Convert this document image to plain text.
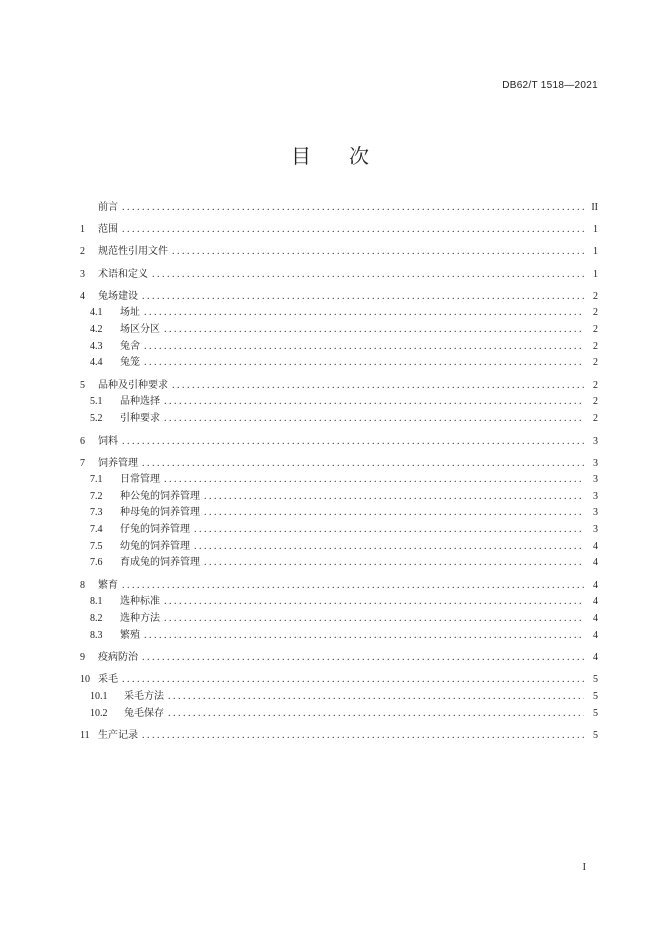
DB62/T 1518—2021
目 次
前言 .....	II
1	范围 .....	1
2	规范性引用文件 .....	1
3	术语和定义 .....	1
4	兔场建设 .....	2
4.1	场址 .....	2
4.2	场区分区 .....	2
4.3	兔舍 .....	2
4.4	兔笼 .....	2
5	品种及引种要求 .....	2
5.1	品种选择 .....	2
5.2	引种要求 .....	2
6	饲料 .....	3
7	饲养管理 .....	3
7.1	日常管理 .....	3
7.2	种公兔的饲养管理 .....	3
7.3	种母兔的饲养管理 .....	3
7.4	仔兔的饲养管理 .....	3
7.5	幼兔的饲养管理 .....	4
7.6	育成兔的饲养管理 .....	4
8	繁育 .....	4
8.1	选种标准 .....	4
8.2	选种方法 .....	4
8.3	繁殖 .....	4
9	疫病防治 .....	4
10 采毛 .....	5
10.1	采毛方法 .....	5
10.2	兔毛保存 .....	5
11 生产记录 .....	5
I
